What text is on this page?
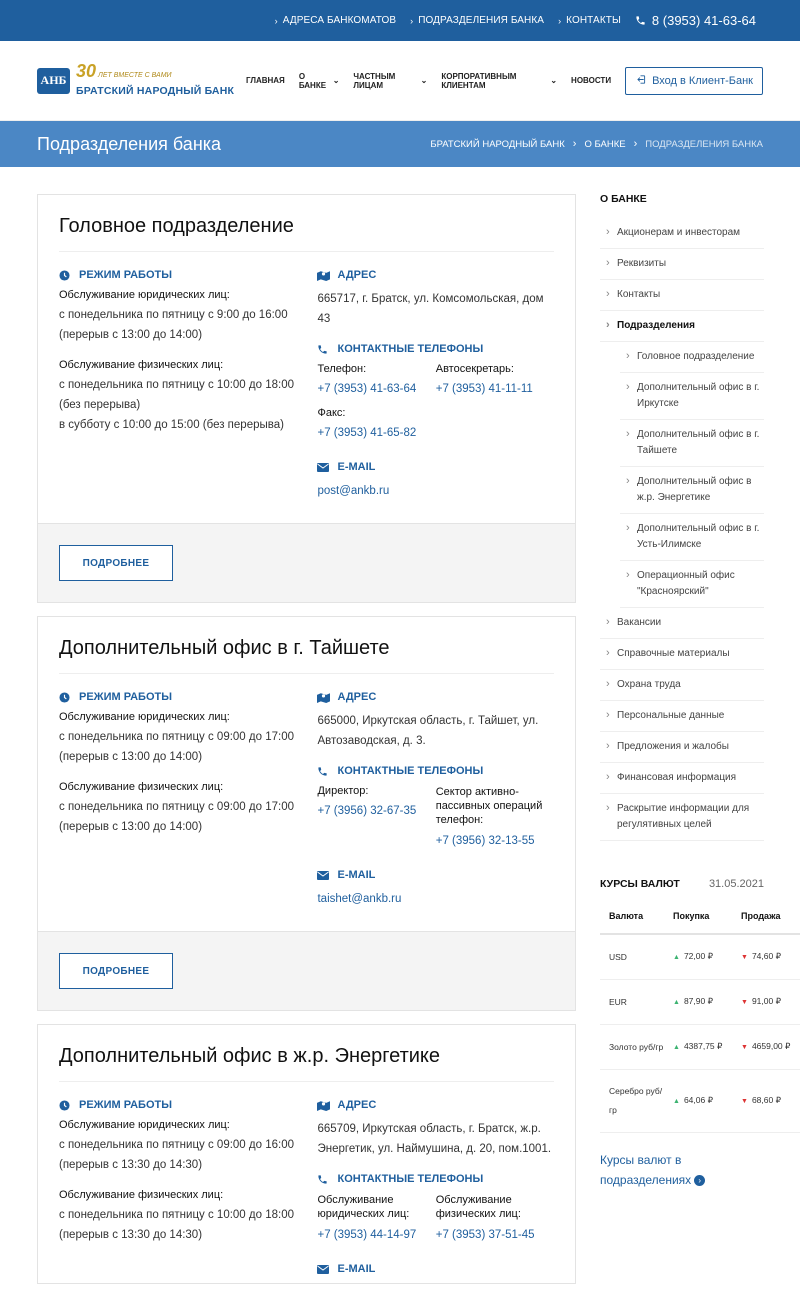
› АДРЕСА БАНКОМАТОВ › ПОДРАЗДЕЛЕНИЯ БАНКА › КОНТАКТЫ 8 (3953) 41-63-64
АНБ 30 ЛЕТ ВМЕСТЕ С ВАМИ
БРАТСКИЙ НАРОДНЫЙ БАНК
ГЛАВНАЯ О БАНКЕ ⌄ ЧАСТНЫМ ЛИЦАМ	⌄ КОРПОРАТИВНЫМ КЛИЕНТАМ	⌄ НОВОСТИ	Вход в Клиент-Банк
Подразделения банка	БРАТСКИЙ НАРОДНЫЙ БАНК › О БАНКЕ › ПОДРАЗДЕЛЕНИЯ БАНКА
Головное подразделение
РЕЖИМ РАБОТЫ
Обслуживание юридических лиц:
с понедельника по пятницу с 9:00 до 16:00
(перерыв с 13:00 до 14:00)
Обслуживание физических лиц:
с понедельника по пятницу с 10:00 до 18:00
(без перерыва)
в субботу с 10:00 до 15:00 (без перерыва)
АДРЕС
665717, г. Братск, ул. Комсомольская, дом 43
КОНТАКТНЫЕ ТЕЛЕФОНЫ
Телефон:
+7 (3953) 41-63-64
Автосекретарь:
+7 (3953) 41-11-11
Факс:
+7 (3953) 41-65-82
E-MAIL
post@ankb.ru
ПОДРОБНЕЕ
Дополнительный офис в г. Тайшете
РЕЖИМ РАБОТЫ
Обслуживание юридических лиц:
с понедельника по пятницу с 09:00 до 17:00
(перерыв с 13:00 до 14:00)
Обслуживание физических лиц:
с понедельника по пятницу с 09:00 до 17:00
(перерыв с 13:00 до 14:00)
АДРЕС
665000, Иркутская область, г. Тайшет, ул. Автозаводская, д. 3.
КОНТАКТНЫЕ ТЕЛЕФОНЫ
Директор:
+7 (3956) 32-67-35
Сектор активно-пассивных операций телефон:
+7 (3956) 32-13-55
E-MAIL
taishet@ankb.ru
ПОДРОБНЕЕ
Дополнительный офис в ж.р. Энергетике
РЕЖИМ РАБОТЫ
Обслуживание юридических лиц:
с понедельника по пятницу с 09:00 до 16:00
(перерыв с 13:30 до 14:30)
Обслуживание физических лиц:
с понедельника по пятницу с 10:00 до 18:00
(перерыв с 13:30 до 14:30)
АДРЕС
665709, Иркутская область, г. Братск, ж.р. Энергетик, ул. Наймушина, д. 20, пом.1001.
КОНТАКТНЫЕ ТЕЛЕФОНЫ
Обслуживание юридических лиц:
+7 (3953) 44-14-97
Обслуживание физических лиц:
+7 (3953) 37-51-45
E-MAIL
О БАНКЕ
› Акционерам и инвесторам
› Реквизиты
› Контакты
› Подразделения
› Головное подразделение
› Дополнительный офис в г. Иркутске
› Дополнительный офис в г. Тайшете
› Дополнительный офис в ж.р. Энергетике
› Дополнительный офис в г. Усть-Илимске
› Операционный офис "Красноярский"
› Вакансии
› Справочные материалы
› Охрана труда
› Персональные данные
› Предложения и жалобы
› Финансовая информация
› Раскрытие информации для регулятивных целей
КУРСЫ ВАЛЮТ	31.05.2021
Валюта	Покупка	Продажа
USD	▲ 72,00 ₽	▼ 74,60 ₽
EUR	▲ 87,90 ₽	▼ 91,00 ₽
Золото руб/гр	▲ 4387,75 ₽	▼ 4659,00 ₽
Серебро руб/гр	▲ 64,06 ₽	▼ 68,60 ₽
Курсы валют в подразделениях ›
